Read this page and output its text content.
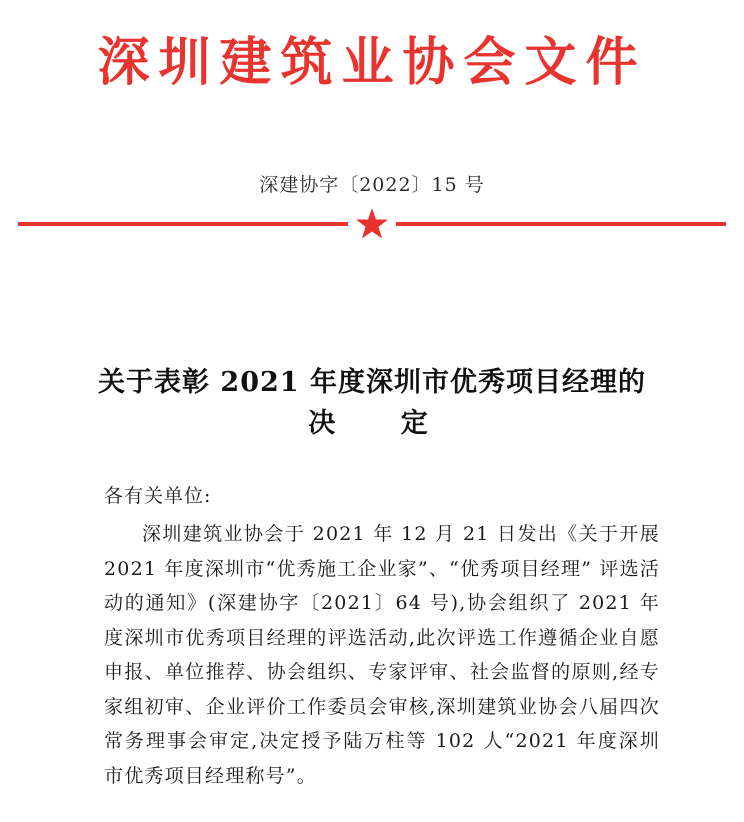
深圳建筑业协会文件
深建协字〔2022〕15 号
关于表彰 2021 年度深圳市优秀项目经理的
决 定
各有关单位:

深圳建筑业协会于 2021 年 12 月 21 日发出《关于开展 2021 年度深圳市“优秀施工企业家”、“优秀项目经理” 评选活动的通知》(深建协字〔2021〕64 号),协会组织了 2021 年度深圳市优秀项目经理的评选活动,此次评选工作遵循企业自愿申报、单位推荐、协会组织、专家评审、社会监督的原则,经专家组初审、企业评价工作委员会审核,深圳建筑业协会八届四次常务理事会审定,决定授予陆万柱等 102 人“2021 年度深圳市优秀项目经理称号”。
